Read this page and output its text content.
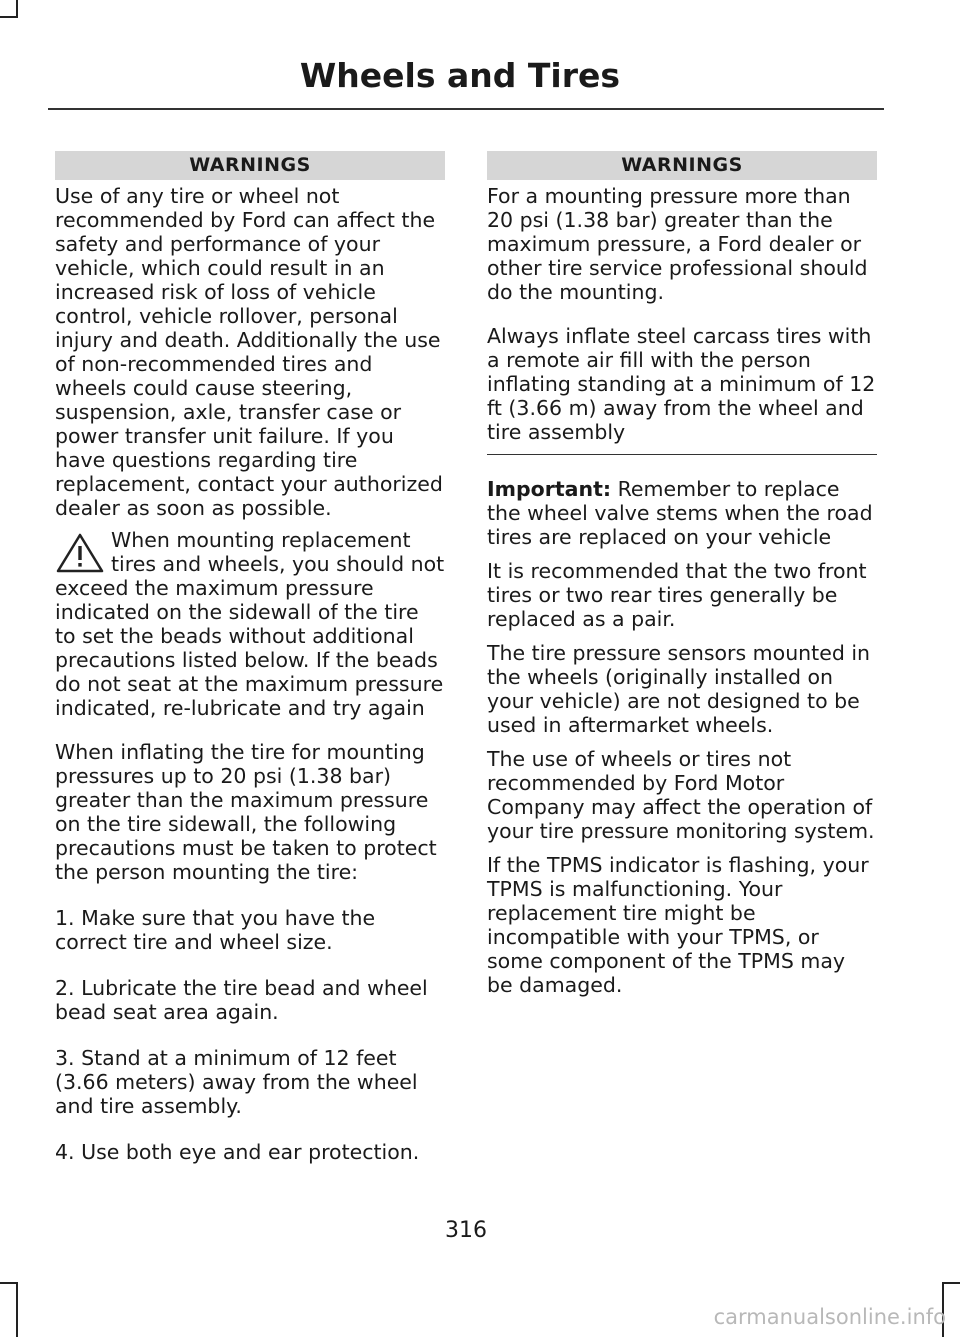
Wheels and Tires
WARNINGS

Use of any tire or wheel not recommended by Ford can affect the safety and performance of your vehicle, which could result in an increased risk of loss of vehicle control, vehicle rollover, personal injury and death. Additionally the use of non-recommended tires and wheels could cause steering, suspension, axle, transfer case or power transfer unit failure. If you have questions regarding tire replacement, contact your authorized dealer as soon as possible.

When mounting replacement tires and wheels, you should not exceed the maximum pressure indicated on the sidewall of the tire to set the beads without additional precautions listed below. If the beads do not seat at the maximum pressure indicated, re-lubricate and try again

When inflating the tire for mounting pressures up to 20 psi (1.38 bar) greater than the maximum pressure on the tire sidewall, the following precautions must be taken to protect the person mounting the tire:

1. Make sure that you have the correct tire and wheel size.

2. Lubricate the tire bead and wheel bead seat area again.

3. Stand at a minimum of 12 feet (3.66 meters) away from the wheel and tire assembly.

4. Use both eye and ear protection.

WARNINGS

For a mounting pressure more than 20 psi (1.38 bar) greater than the maximum pressure, a Ford dealer or other tire service professional should do the mounting.

Always inflate steel carcass tires with a remote air fill with the person inflating standing at a minimum of 12 ft (3.66 m) away from the wheel and tire assembly

Important: Remember to replace the wheel valve stems when the road tires are replaced on your vehicle

It is recommended that the two front tires or two rear tires generally be replaced as a pair.

The tire pressure sensors mounted in the wheels (originally installed on your vehicle) are not designed to be used in aftermarket wheels.

The use of wheels or tires not recommended by Ford Motor Company may affect the operation of your tire pressure monitoring system.

If the TPMS indicator is flashing, your TPMS is malfunctioning. Your replacement tire might be incompatible with your TPMS, or some component of the TPMS may be damaged.

316
carmanualsonline.info
